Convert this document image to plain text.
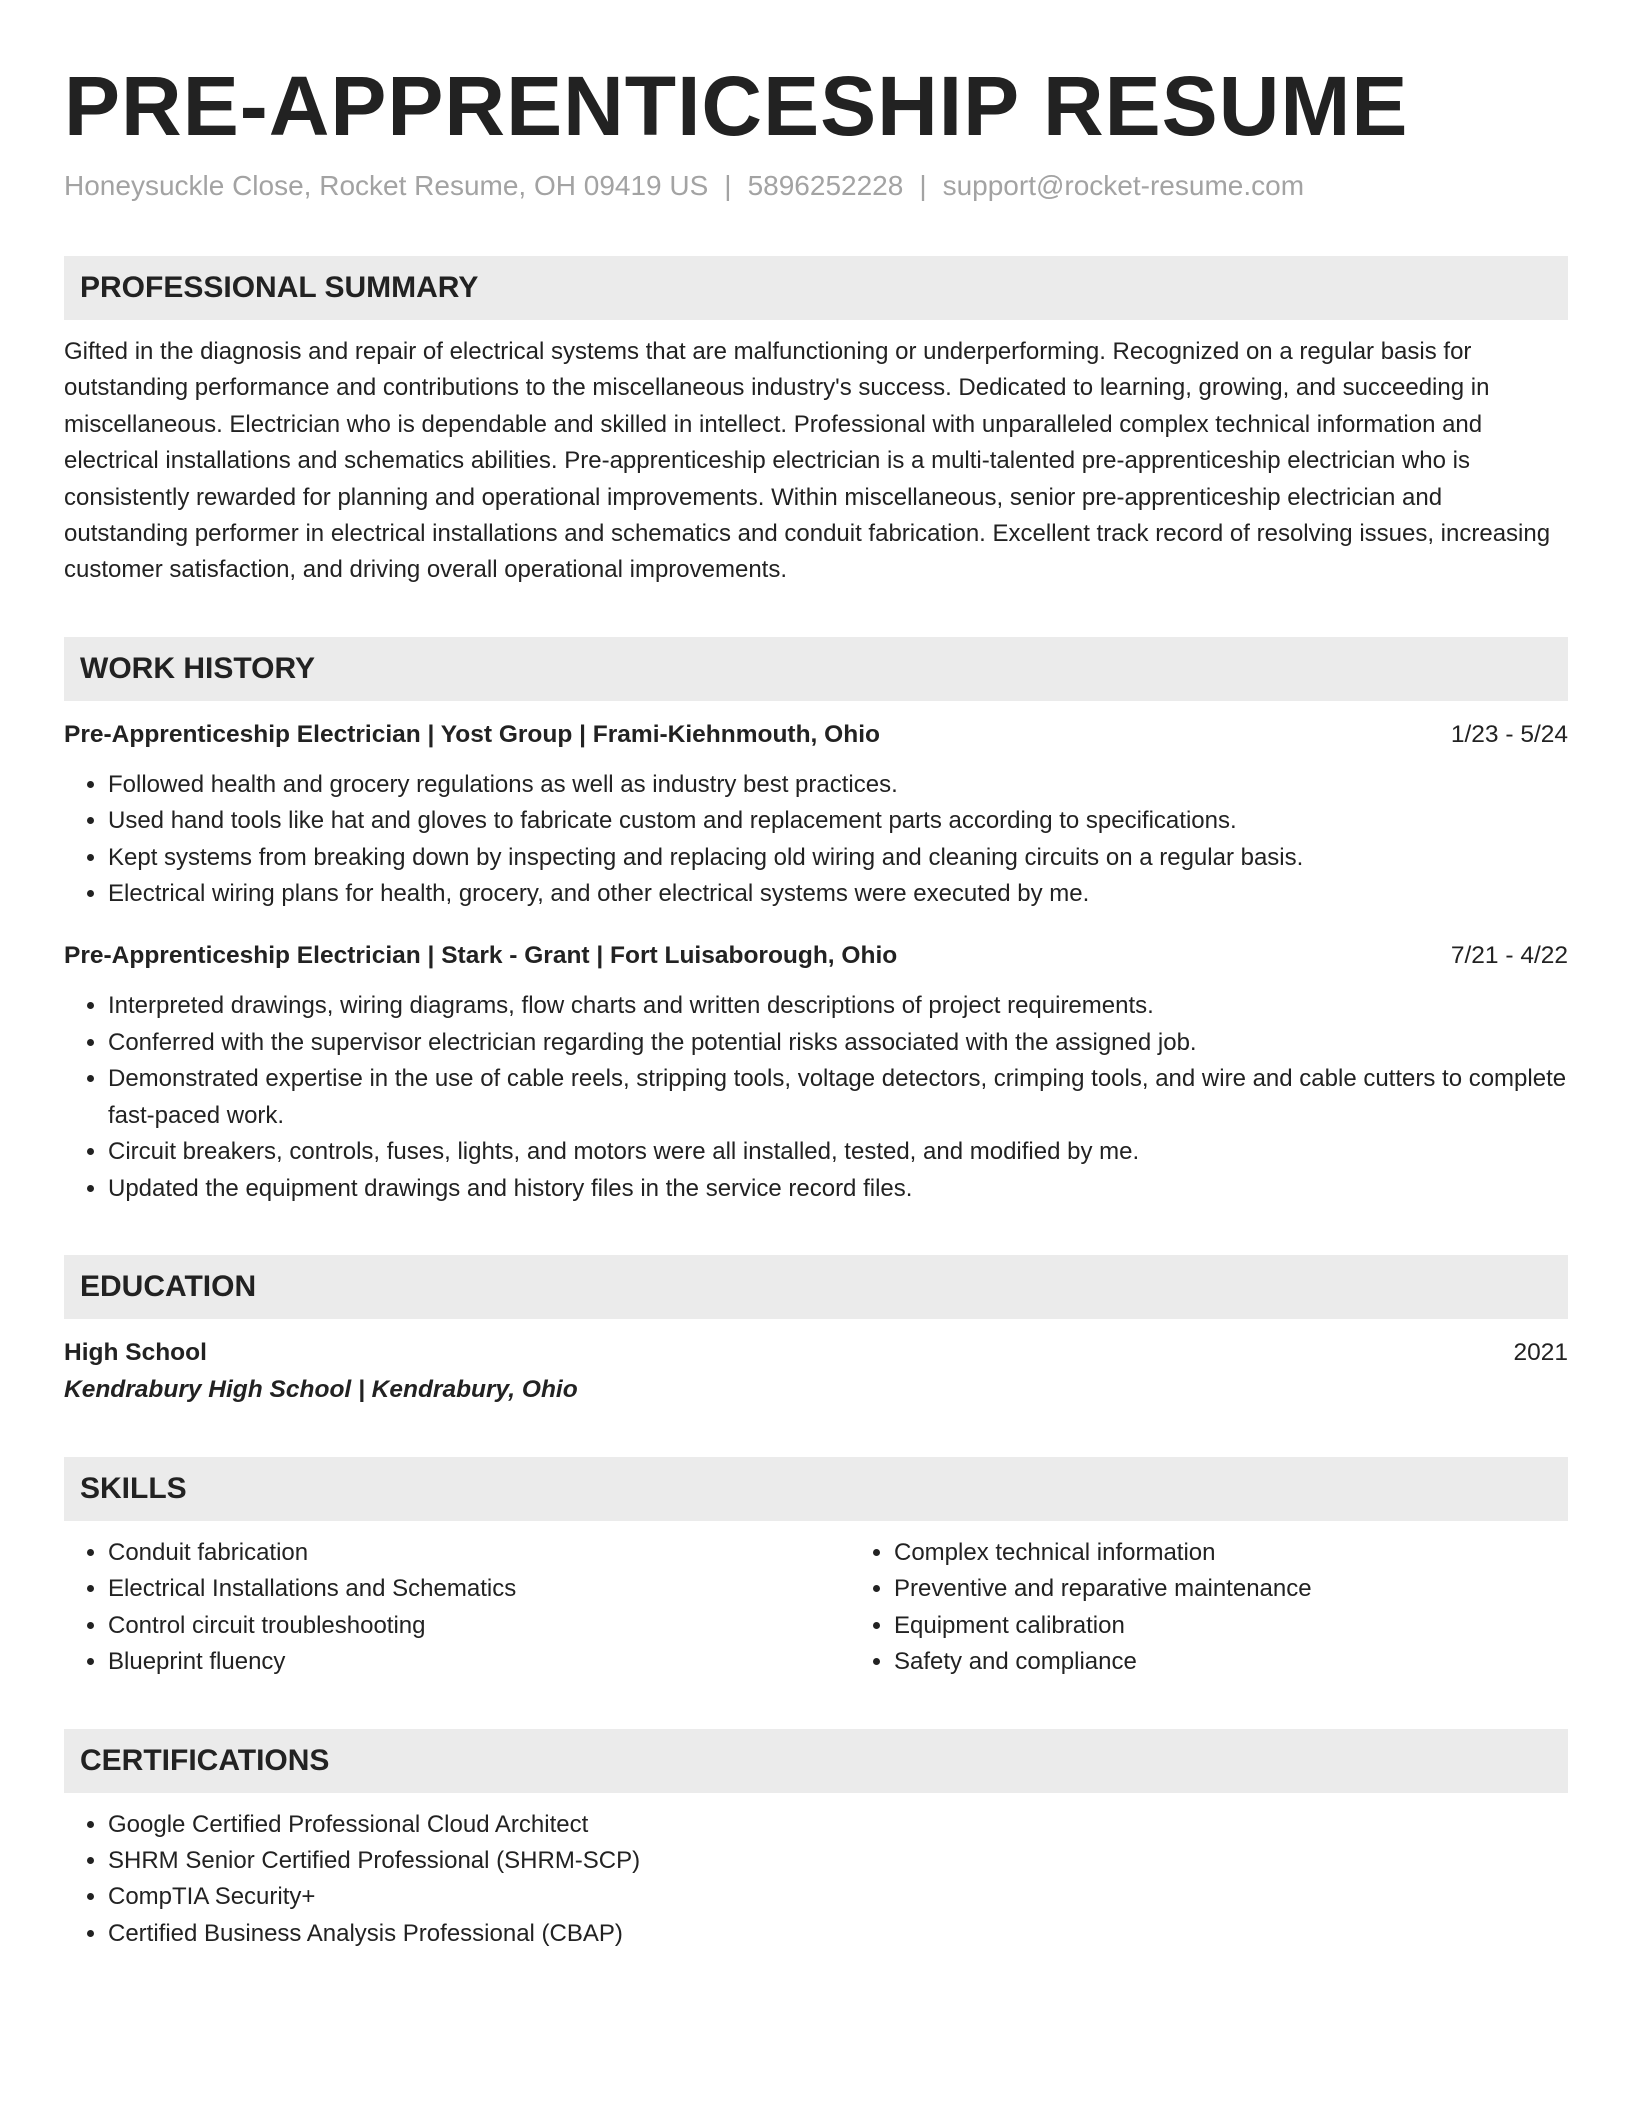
PRE-APPRENTICESHIP RESUME
Honeysuckle Close, Rocket Resume, OH 09419 US | 5896252228 | support@rocket-resume.com
PROFESSIONAL SUMMARY
Gifted in the diagnosis and repair of electrical systems that are malfunctioning or underperforming. Recognized on a regular basis for outstanding performance and contributions to the miscellaneous industry's success. Dedicated to learning, growing, and succeeding in miscellaneous. Electrician who is dependable and skilled in intellect. Professional with unparalleled complex technical information and electrical installations and schematics abilities. Pre-apprenticeship electrician is a multi-talented pre-apprenticeship electrician who is consistently rewarded for planning and operational improvements. Within miscellaneous, senior pre-apprenticeship electrician and outstanding performer in electrical installations and schematics and conduit fabrication. Excellent track record of resolving issues, increasing customer satisfaction, and driving overall operational improvements.
WORK HISTORY
Pre-Apprenticeship Electrician | Yost Group | Frami-Kiehnmouth, Ohio	1/23 - 5/24
• Followed health and grocery regulations as well as industry best practices.
• Used hand tools like hat and gloves to fabricate custom and replacement parts according to specifications.
• Kept systems from breaking down by inspecting and replacing old wiring and cleaning circuits on a regular basis.
• Electrical wiring plans for health, grocery, and other electrical systems were executed by me.
Pre-Apprenticeship Electrician | Stark - Grant | Fort Luisaborough, Ohio	7/21 - 4/22
• Interpreted drawings, wiring diagrams, flow charts and written descriptions of project requirements.
• Conferred with the supervisor electrician regarding the potential risks associated with the assigned job.
• Demonstrated expertise in the use of cable reels, stripping tools, voltage detectors, crimping tools, and wire and cable cutters to complete fast-paced work.
• Circuit breakers, controls, fuses, lights, and motors were all installed, tested, and modified by me.
• Updated the equipment drawings and history files in the service record files.
EDUCATION
High School	2021
Kendrabury High School | Kendrabury, Ohio
SKILLS
• Conduit fabrication
• Electrical Installations and Schematics
• Control circuit troubleshooting
• Blueprint fluency
• Complex technical information
• Preventive and reparative maintenance
• Equipment calibration
• Safety and compliance
CERTIFICATIONS
• Google Certified Professional Cloud Architect
• SHRM Senior Certified Professional (SHRM-SCP)
• CompTIA Security+
• Certified Business Analysis Professional (CBAP)
